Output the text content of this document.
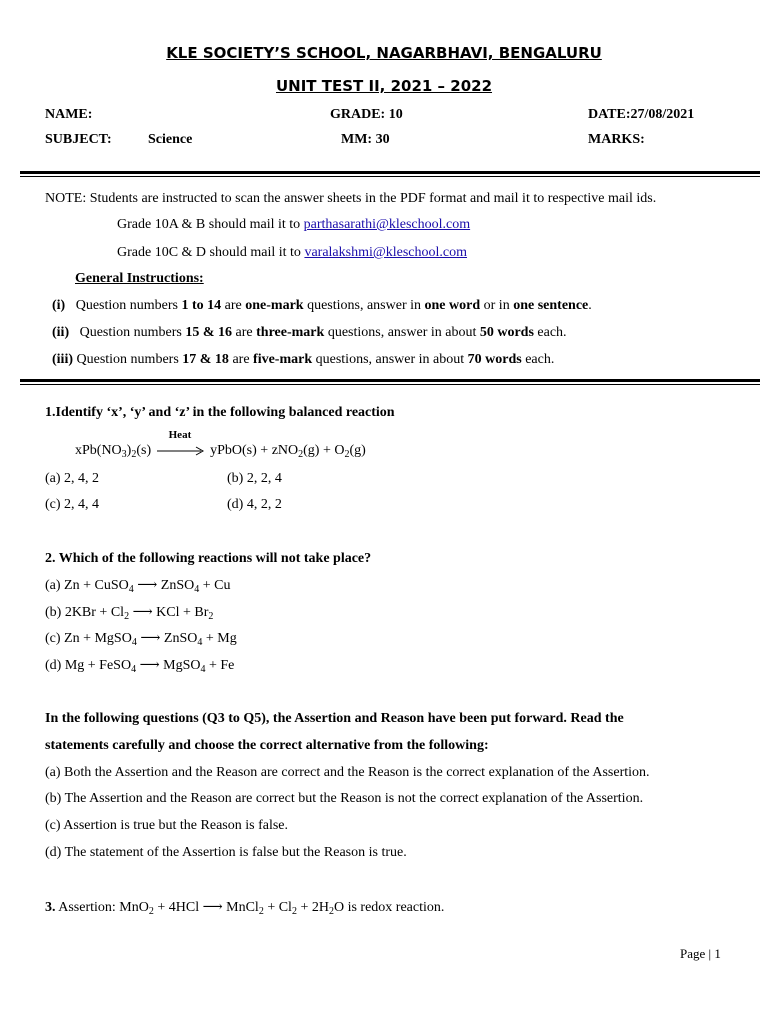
KLE SOCIETY’S SCHOOL, NAGARBHAVI, BENGALURU
UNIT TEST II, 2021 – 2022
NAME:	GRADE: 10	DATE:27/08/2021
SUBJECT:	Science	MM: 30	MARKS:
NOTE: Students are instructed to scan the answer sheets in the PDF format and mail it to respective mail ids.
Grade 10A & B should mail it to parthasarathi@kleschool.com
Grade 10C & D should mail it to varalakshmi@kleschool.com
General Instructions:
(i) Question numbers 1 to 14 are one-mark questions, answer in one word or in one sentence.
(ii) Question numbers 15 & 16 are three-mark questions, answer in about 50 words each.
(iii) Question numbers 17 & 18 are five-mark questions, answer in about 70 words each.
1.Identify ‘x’, ‘y’ and ‘z’ in the following balanced reaction
$xPb(NO_3)_2(s)$
Heat
yPbO(s) + $zNO_2(g) + O_2(g)$
(a) 2, 4, 2	(b) 2, 2, 4
(c) 2, 4, 4	(d) 4, 2, 2
2. Which of the following reactions will not take place?
(a) Zn + CuSO$_4$ ⟶ ZnSO$_4$ + Cu
(b) $2KBr + Cl_2$ ⟶ KCl + $Br_2$
(c) Zn + MgSO$_4$ ⟶ ZnSO$_4$ + Mg
(d) Mg + FeSO$_4$ ⟶ MgSO$_4$ + Fe
In the following questions (Q3 to Q5), the Assertion and Reason have been put forward. Read the
statements carefully and choose the correct alternative from the following:
(a) Both the Assertion and the Reason are correct and the Reason is the correct explanation of the Assertion.
(b) The Assertion and the Reason are correct but the Reason is not the correct explanation of the Assertion.
(c) Assertion is true but the Reason is false.
(d) The statement of the Assertion is false but the Reason is true.
3. Assertion: MnO$_2$ + 4HCl ⟶ MnCl$_2$ + $Cl_2 + 2H_2O$ is redox reaction.
Page | 1
